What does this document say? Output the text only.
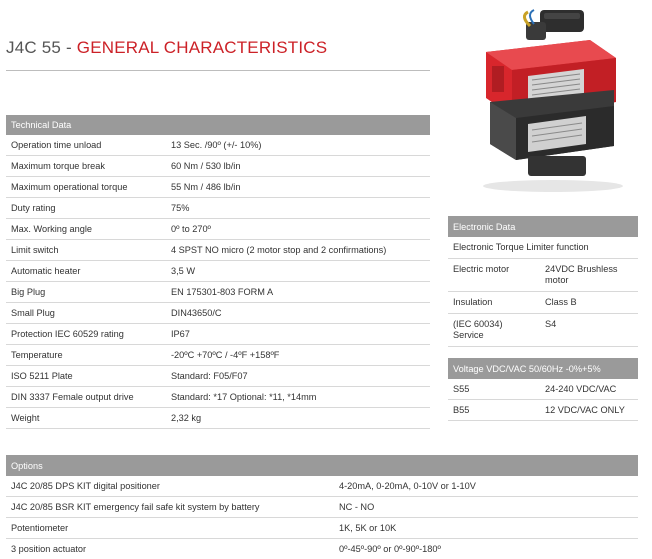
J4C 55 - GENERAL CHARACTERISTICS
Technical Data	
Operation time unload	13 Sec. /90º (+/- 10%)
Maximum torque break	60 Nm / 530 lb/in
Maximum operational torque	55 Nm / 486 lb/in
Duty rating	75%
Max. Working angle	0º to 270º
Limit switch	4 SPST NO micro (2 motor stop and 2 confirmations)
Automatic heater	3,5 W
Big Plug	EN 175301-803 FORM A
Small Plug	DIN43650/C
Protection IEC 60529 rating	IP67
Temperature	-20ºC +70ºC / -4ºF +158ºF
ISO 5211 Plate	Standard: F05/F07
DIN 3337 Female output drive	Standard: *17 Optional: *11, *14mm
Weight	2,32 kg
Electronic Data	
Electronic Torque Limiter function	
Electric motor	24VDC Brushless motor
Insulation	Class B
(IEC 60034) Service	S4
Voltage VDC/VAC 50/60Hz -0%+5%	
S55	24-240 VDC/VAC
B55	12 VDC/VAC ONLY
Options	
J4C 20/85 DPS KIT digital positioner	4-20mA, 0-20mA, 0-10V or 1-10V
J4C 20/85 BSR KIT emergency fail safe kit system by battery	NC - NO
Potentiometer	1K, 5K or 10K
3 position actuator	0º-45º-90º or 0º-90º-180º
